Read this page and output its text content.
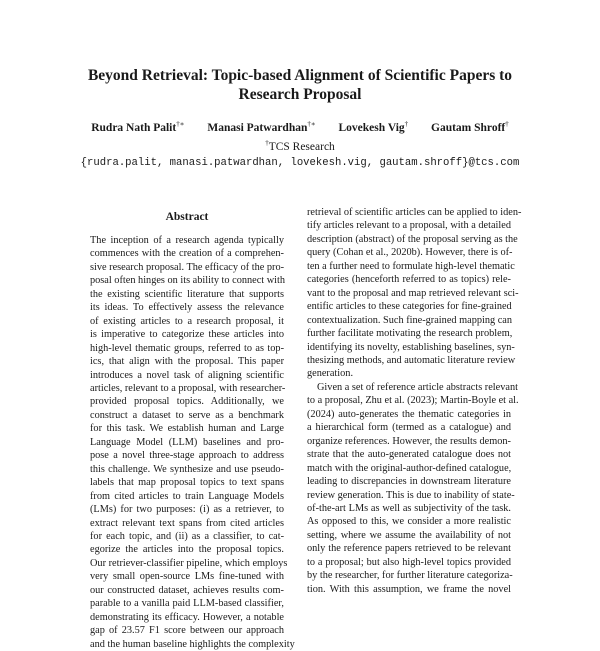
Beyond Retrieval: Topic-based Alignment of Scientific Papers to
Research Proposal
Rudra Nath Palit†∗ Manasi Patwardhan†∗ Lovekesh Vig† Gautam Shroff†
†TCS Research
{rudra.palit, manasi.patwardhan, lovekesh.vig, gautam.shroff}@tcs.com
Abstract
The inception of a research agenda typically
commences with the creation of a comprehen-
sive research proposal. The efficacy of the pro-
posal often hinges on its ability to connect with
the existing scientific literature that supports
its ideas. To effectively assess the relevance
of existing articles to a research proposal, it
is imperative to categorize these articles into
high-level thematic groups, referred to as top-
ics, that align with the proposal. This paper
introduces a novel task of aligning scientific
articles, relevant to a proposal, with researcher-
provided proposal topics. Additionally, we
construct a dataset to serve as a benchmark
for this task. We establish human and Large
Language Model (LLM) baselines and pro-
pose a novel three-stage approach to address
this challenge. We synthesize and use pseudo-
labels that map proposal topics to text spans
from cited articles to train Language Models
(LMs) for two purposes: (i) as a retriever, to
extract relevant text spans from cited articles
for each topic, and (ii) as a classifier, to cat-
egorize the articles into the proposal topics.
Our retriever-classifier pipeline, which employs
very small open-source LMs fine-tuned with
our constructed dataset, achieves results com-
parable to a vanilla paid LLM-based classifier,
demonstrating its efficacy. However, a notable
gap of 23.57 F1 score between our approach
and the human baseline highlights the complexity
retrieval of scientific articles can be applied to iden-
tify articles relevant to a proposal, with a detailed
description (abstract) of the proposal serving as the
query (Cohan et al., 2020b). However, there is of-
ten a further need to formulate high-level thematic
categories (henceforth referred to as topics) rele-
vant to the proposal and map retrieved relevant sci-
entific articles to these categories for fine-grained
contextualization. Such fine-grained mapping can
further facilitate motivating the research problem,
identifying its novelty, establishing baselines, syn-
thesizing methods, and automatic literature review
generation.
Given a set of reference article abstracts relevant
to a proposal, Zhu et al. (2023); Martin-Boyle et al.
(2024) auto-generates the thematic categories in
a hierarchical form (termed as a catalogue) and
organize references. However, the results demon-
strate that the auto-generated catalogue does not
match with the original-author-defined catalogue,
leading to discrepancies in downstream literature
review generation. This is due to inability of state-
of-the-art LMs as well as subjectivity of the task.
As opposed to this, we consider a more realistic
setting, where we assume the availability of not
only the reference papers retrieved to be relevant
to a proposal; but also high-level topics provided
by the researcher, for further literature categoriza-
tion. With this assumption, we frame the novel
